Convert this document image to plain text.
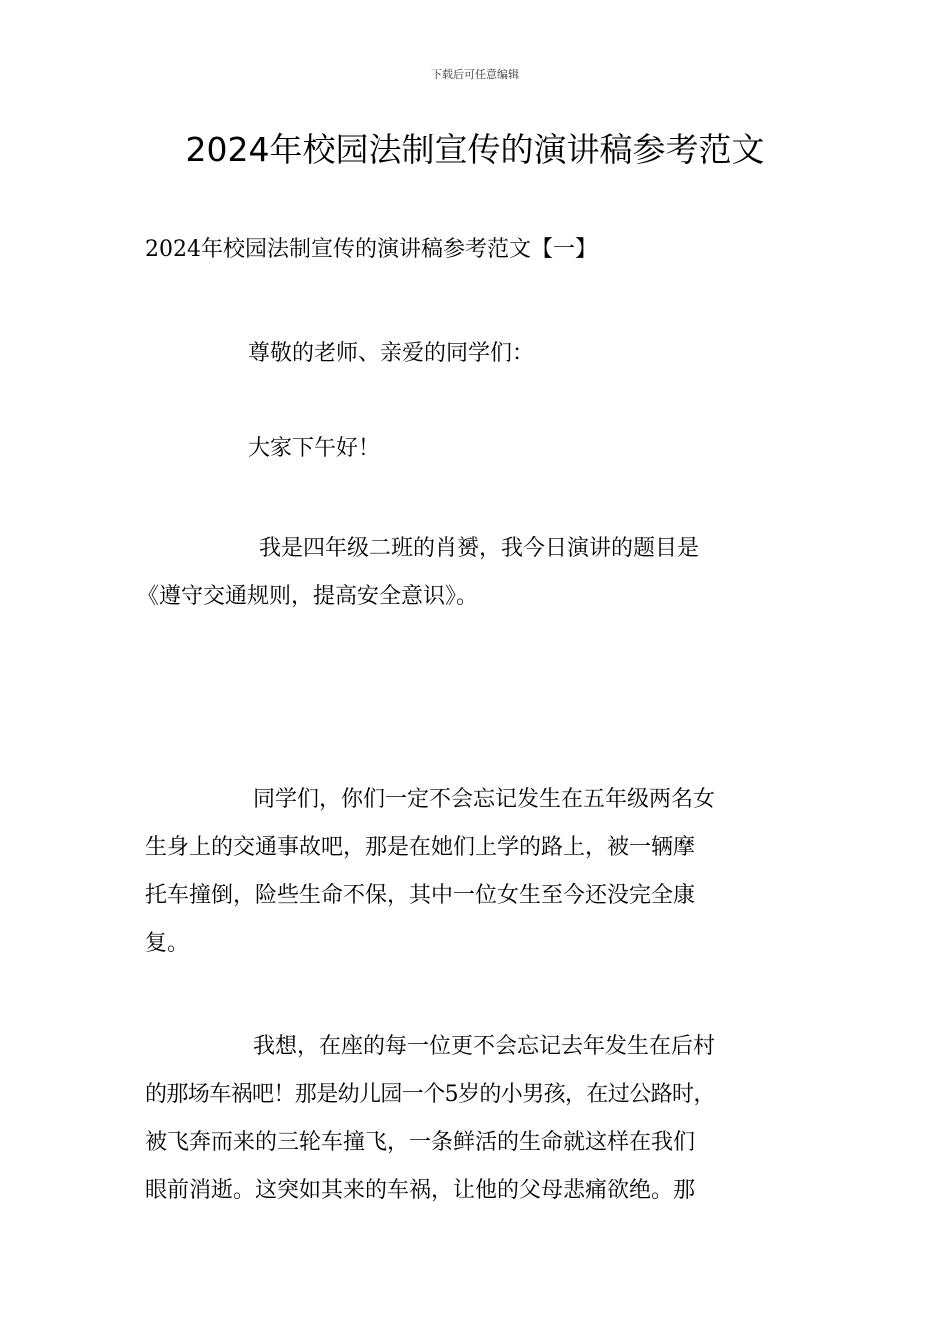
下载后可任意编辑
2024年校园法制宣传的演讲稿参考范文
2024年校园法制宣传的演讲稿参考范文【一】

尊敬的老师、亲爱的同学们：

大家下午好！

我是四年级二班的肖赟，我今日演讲的题目是
《遵守交通规则，提高安全意识》。

同学们，你们一定不会忘记发生在五年级两名女
生身上的交通事故吧，那是在她们上学的路上，被一辆摩
托车撞倒，险些生命不保，其中一位女生至今还没完全康
复。

我想，在座的每一位更不会忘记去年发生在后村
的那场车祸吧！那是幼儿园一个5岁的小男孩，在过公路时，
被飞奔而来的三轮车撞飞，一条鲜活的生命就这样在我们
眼前消逝。这突如其来的车祸，让他的父母悲痛欲绝。那
